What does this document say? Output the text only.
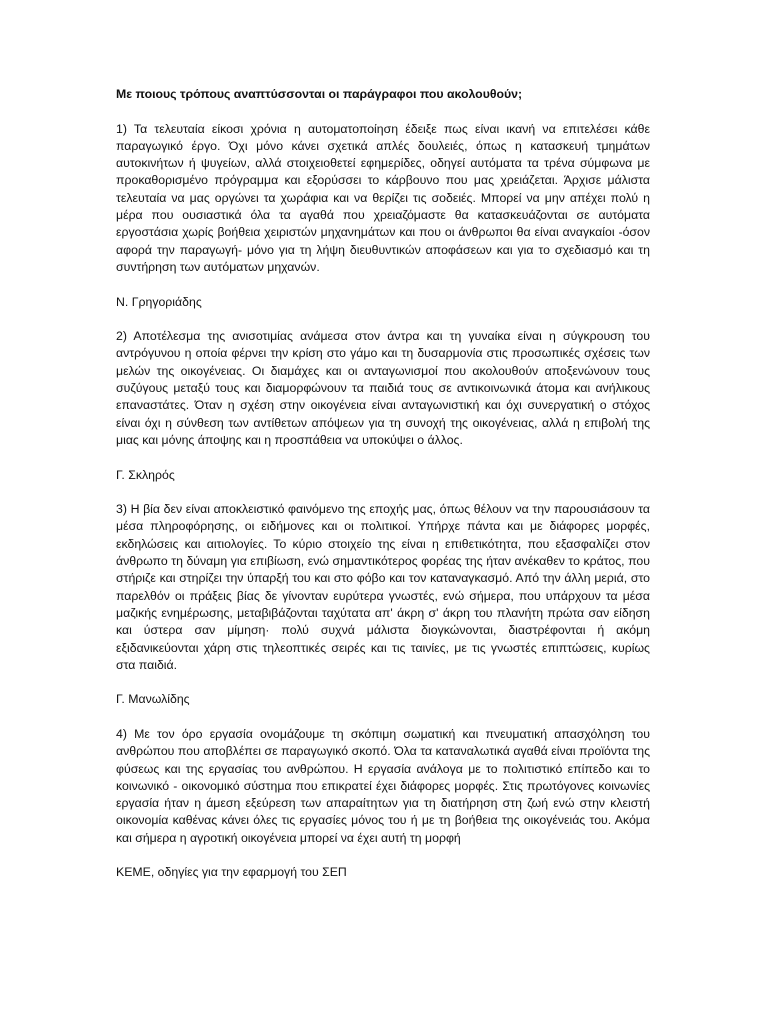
Με ποιους τρόπους αναπτύσσονται οι παράγραφοι που ακολουθούν;

1) Τα τελευταία είκοσι χρόνια η αυτοματοποίηση έδειξε πως είναι ικανή να επιτελέσει κάθε παραγωγικό έργο. Όχι μόνο κάνει σχετικά απλές δουλειές, όπως η κατασκευή τμημάτων αυτοκινήτων ή ψυγείων, αλλά στοιχειοθετεί εφημερίδες, οδηγεί αυτόματα τα τρένα σύμφωνα με προκαθορισμένο πρόγραμμα και εξορύσσει το κάρβουνο που μας χρειάζεται. Άρχισε μάλιστα τελευταία να μας οργώνει τα χωράφια και να θερίζει τις σοδειές. Μπορεί να μην απέχει πολύ η μέρα που ουσιαστικά όλα τα αγαθά που χρειαζόμαστε θα κατασκευάζονται σε αυτόματα εργοστάσια χωρίς βοήθεια χειριστών μηχανημάτων και που οι άνθρωποι θα είναι αναγκαίοι -όσον αφορά την παραγωγή- μόνο για τη λήψη διευθυντικών αποφάσεων και για το σχεδιασμό και τη συντήρηση των αυτόματων μηχανών.

Ν. Γρηγοριάδης

2) Αποτέλεσμα της ανισοτιμίας ανάμεσα στον άντρα και τη γυναίκα είναι η σύγκρουση του αντρόγυνου η οποία φέρνει την κρίση στο γάμο και τη δυσαρμονία στις προσωπικές σχέσεις των μελών της οικογένειας. Οι διαμάχες και οι ανταγωνισμοί που ακολουθούν αποξενώνουν τους συζύγους μεταξύ τους και διαμορφώνουν τα παιδιά τους σε αντικοινωνικά άτομα και ανήλικους επαναστάτες. Όταν η σχέση στην οικογένεια είναι ανταγωνιστική και όχι συνεργατική ο στόχος είναι όχι η σύνθεση των αντίθετων απόψεων για τη συνοχή της οικογένειας, αλλά η επιβολή της μιας και μόνης άποψης και η προσπάθεια να υποκύψει ο άλλος.

Γ. Σκληρός

3) Η βία δεν είναι αποκλειστικό φαινόμενο της εποχής μας, όπως θέλουν να την παρουσιάσουν τα μέσα πληροφόρησης, οι ειδήμονες και οι πολιτικοί. Υπήρχε πάντα και με διάφορες μορφές, εκδηλώσεις και αιτιολογίες. Το κύριο στοιχείο της είναι η επιθετικότητα, που εξασφαλίζει στον άνθρωπο τη δύναμη για επιβίωση, ενώ σημαντικότερος φορέας της ήταν ανέκαθεν το κράτος, που στήριζε και στηρίζει την ύπαρξή του και στο φόβο και τον καταναγκασμό. Από την άλλη μεριά, στο παρελθόν οι πράξεις βίας δε γίνονταν ευρύτερα γνωστές, ενώ σήμερα, που υπάρχουν τα μέσα μαζικής ενημέρωσης, μεταβιβάζονται ταχύτατα απ' άκρη σ' άκρη του πλανήτη πρώτα σαν είδηση και ύστερα σαν μίμηση· πολύ συχνά μάλιστα διογκώνονται, διαστρέφονται ή ακόμη εξιδανικεύονται χάρη στις τηλεοπτικές σειρές και τις ταινίες, με τις γνωστές επιπτώσεις, κυρίως στα παιδιά.

Γ. Μανωλίδης

4) Με τον όρο εργασία ονομάζουμε τη σκόπιμη σωματική και πνευματική απασχόληση του ανθρώπου που αποβλέπει σε παραγωγικό σκοπό. Όλα τα καταναλωτικά αγαθά είναι προϊόντα της φύσεως και της εργασίας του ανθρώπου. Η εργασία ανάλογα με το πολιτιστικό επίπεδο και το κοινωνικό - οικονομικό σύστημα που επικρατεί έχει διάφορες μορφές. Στις πρωτόγονες κοινωνίες εργασία ήταν η άμεση εξεύρεση των απαραίτητων για τη διατήρηση στη ζωή ενώ στην κλειστή οικονομία καθένας κάνει όλες τις εργασίες μόνος του ή με τη βοήθεια της οικογένειάς του. Ακόμα και σήμερα η αγροτική οικογένεια μπορεί να έχει αυτή τη μορφή

ΚΕΜΕ, οδηγίες για την εφαρμογή του ΣΕΠ
